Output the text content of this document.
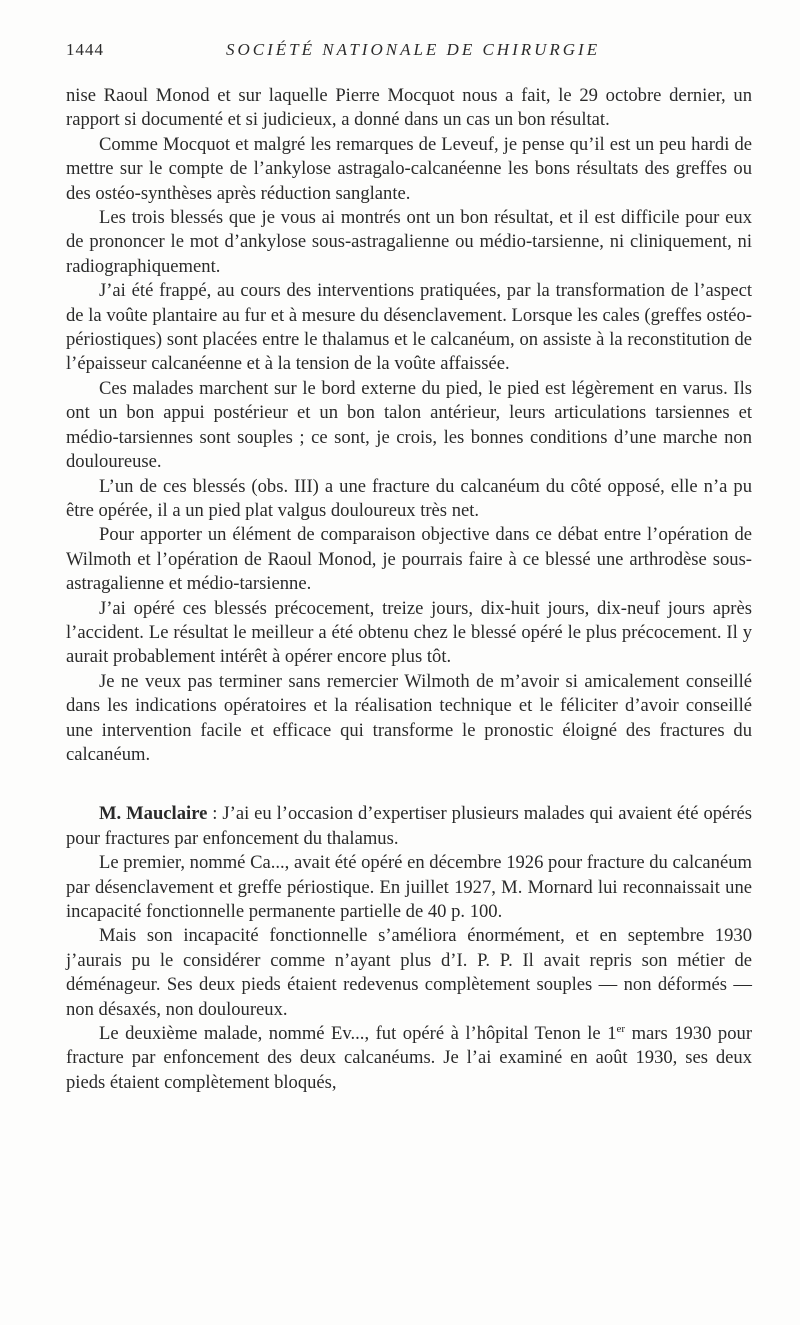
1444	SOCIÉTÉ NATIONALE DE CHIRURGIE

nise Raoul Monod et sur laquelle Pierre Mocquot nous a fait, le 29 octobre dernier, un rapport si documenté et si judicieux, a donné dans un cas un bon résultat.

Comme Mocquot et malgré les remarques de Leveuf, je pense qu’il est un peu hardi de mettre sur le compte de l’ankylose astragalo-calcanéenne les bons résultats des greffes ou des ostéo-synthèses après réduction sanglante.

Les trois blessés que je vous ai montrés ont un bon résultat, et il est difficile pour eux de prononcer le mot d’ankylose sous-astragalienne ou médio-tarsienne, ni cliniquement, ni radiographiquement.

J’ai été frappé, au cours des interventions pratiquées, par la transformation de l’aspect de la voûte plantaire au fur et à mesure du désenclavement. Lorsque les cales (greffes ostéo-périostiques) sont placées entre le thalamus et le calcanéum, on assiste à la reconstitution de l’épaisseur calcanéenne et à la tension de la voûte affaissée.

Ces malades marchent sur le bord externe du pied, le pied est légèrement en varus. Ils ont un bon appui postérieur et un bon talon antérieur, leurs articulations tarsiennes et médio-tarsiennes sont souples ; ce sont, je crois, les bonnes conditions d’une marche non douloureuse.

L’un de ces blessés (obs. III) a une fracture du calcanéum du côté opposé, elle n’a pu être opérée, il a un pied plat valgus douloureux très net.

Pour apporter un élément de comparaison objective dans ce débat entre l’opération de Wilmoth et l’opération de Raoul Monod, je pourrais faire à ce blessé une arthrodèse sous-astragalienne et médio-tarsienne.

J’ai opéré ces blessés précocement, treize jours, dix-huit jours, dix-neuf jours après l’accident. Le résultat le meilleur a été obtenu chez le blessé opéré le plus précocement. Il y aurait probablement intérêt à opérer encore plus tôt.

Je ne veux pas terminer sans remercier Wilmoth de m’avoir si amicalement conseillé dans les indications opératoires et la réalisation technique et le féliciter d’avoir conseillé une intervention facile et efficace qui transforme le pronostic éloigné des fractures du calcanéum.

M. Mauclaire : J’ai eu l’occasion d’expertiser plusieurs malades qui avaient été opérés pour fractures par enfoncement du thalamus.

Le premier, nommé Ca..., avait été opéré en décembre 1926 pour fracture du calcanéum par désenclavement et greffe périostique. En juillet 1927, M. Mornard lui reconnaissait une incapacité fonctionnelle permanente partielle de 40 p. 100.

Mais son incapacité fonctionnelle s’améliora énormément, et en septembre 1930 j’aurais pu le considérer comme n’ayant plus d’I. P. P. Il avait repris son métier de déménageur. Ses deux pieds étaient redevenus complètement souples — non déformés — non désaxés, non douloureux.

Le deuxième malade, nommé Ev..., fut opéré à l’hôpital Tenon le 1er mars 1930 pour fracture par enfoncement des deux calcanéums. Je l’ai examiné en août 1930, ses deux pieds étaient complètement bloqués,
